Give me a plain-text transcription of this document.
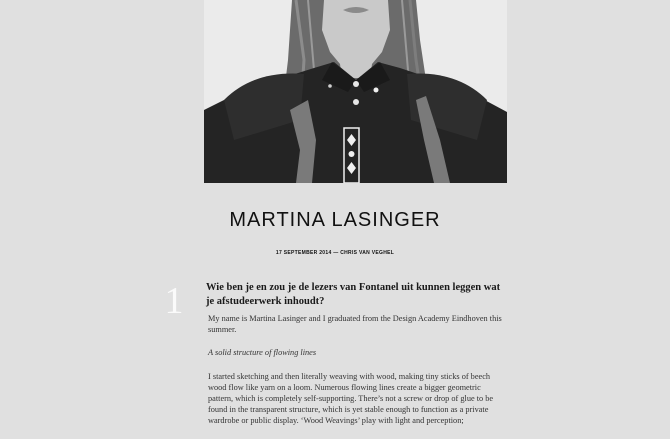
MARTINA LASINGER
17 SEPTEMBER 2014 — CHRIS VAN VEGHEL
1	Wie ben je en zou je de lezers van Fontanel uit kunnen leggen wat je afstudeerwerk inhoudt?

My name is Martina Lasinger and I graduated from the Design Academy Eindhoven this summer.

A solid structure of flowing lines

I started sketching and then literally weaving with wood, making tiny sticks of beech wood flow like yarn on a loom. Numerous flowing lines create a bigger geometric pattern, which is completely self-supporting. There’s not a screw or drop of glue to be found in the transparent structure, which is yet stable enough to function as a private wardrobe or public display. ‘Wood Weavings’ play with light and perception;
